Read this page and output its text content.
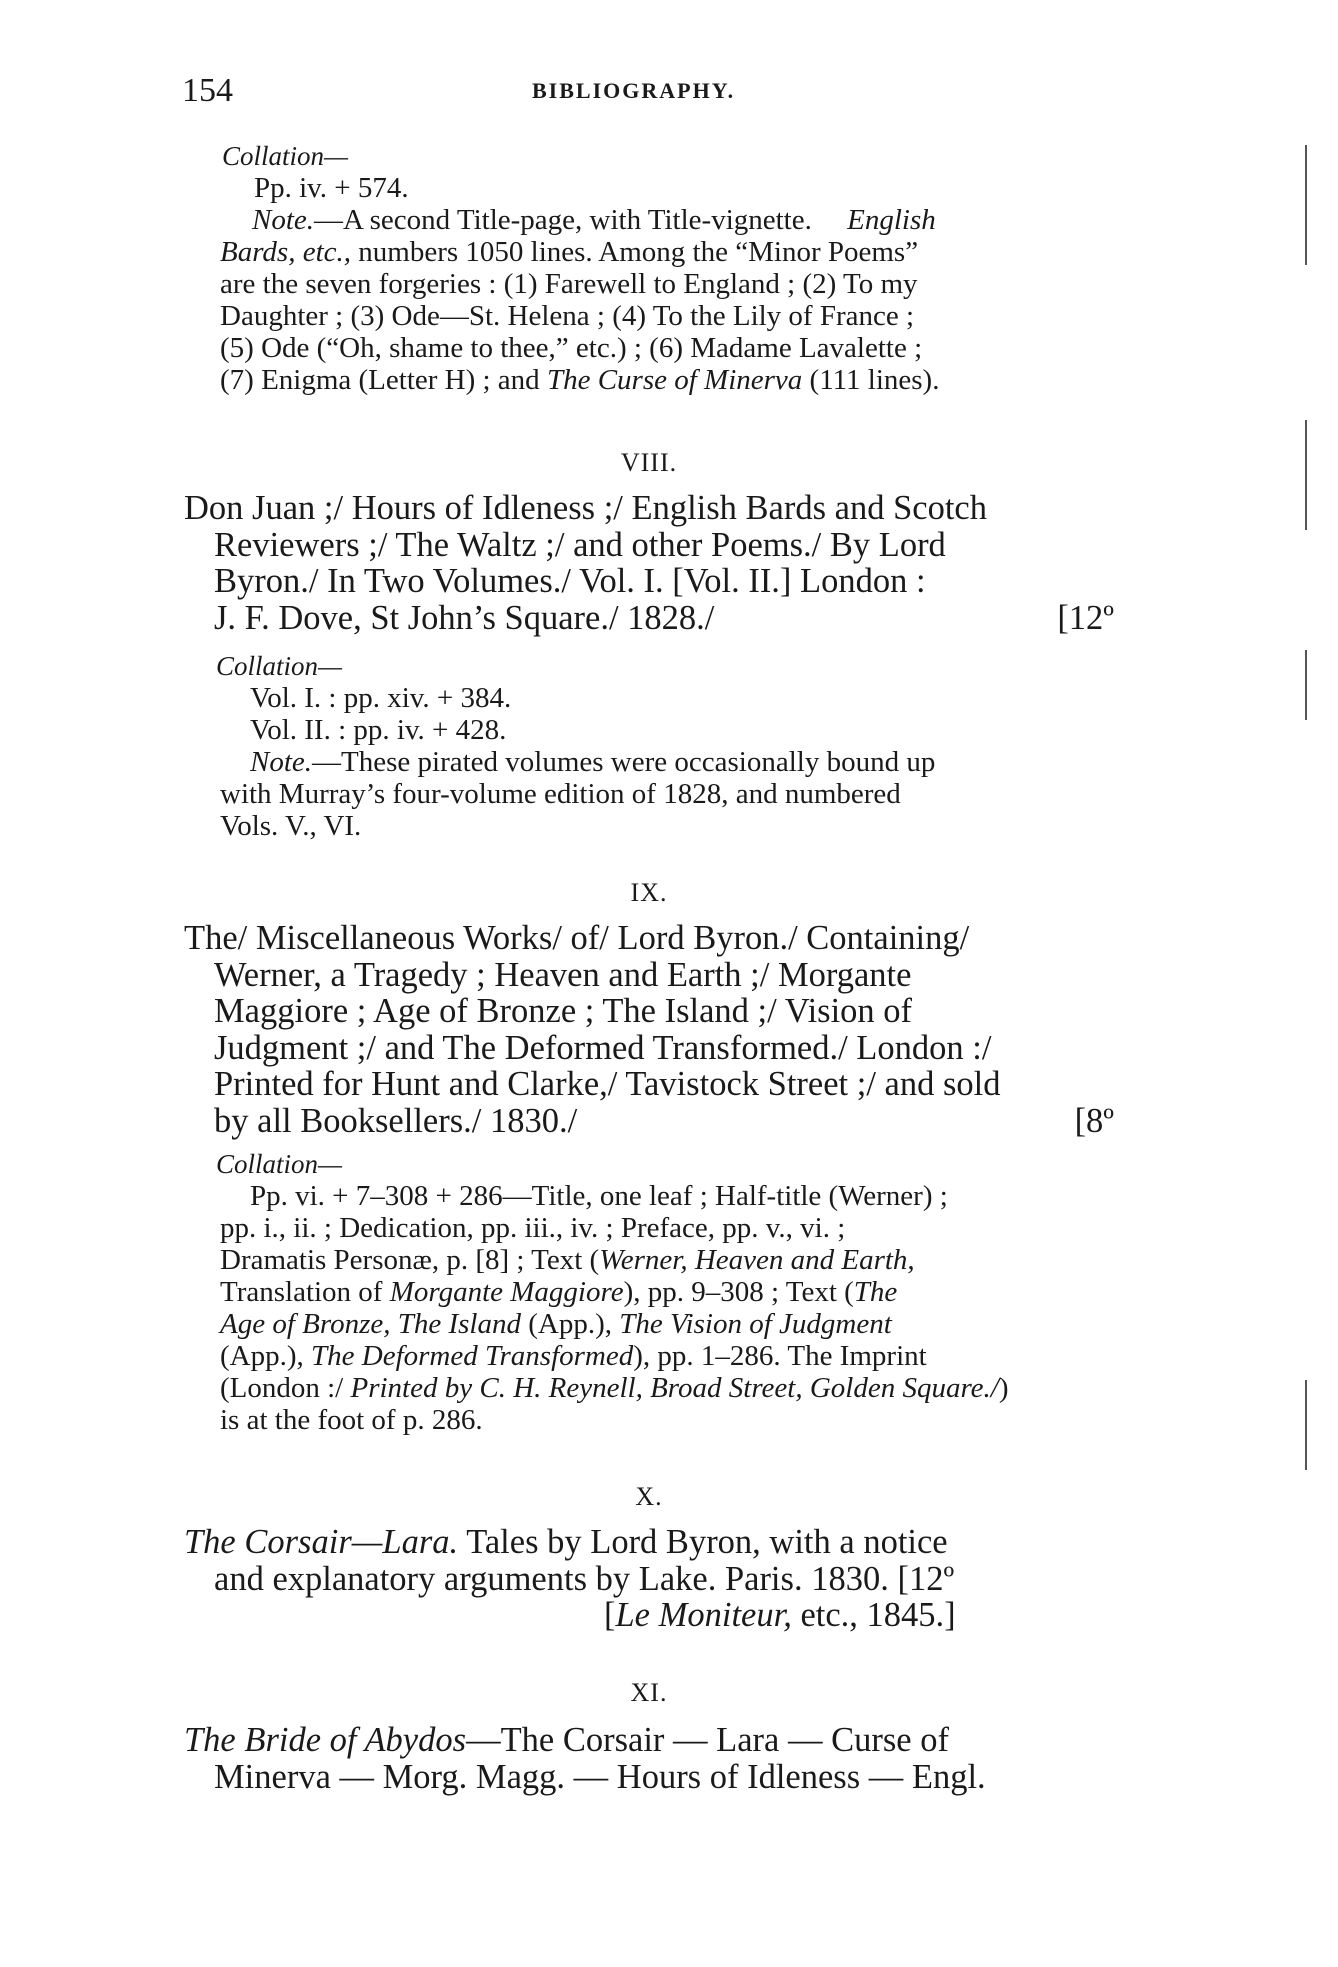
154	BIBLIOGRAPHY.
Collation—
Pp. iv. + 574.
Note.—A second Title-page, with Title-vignette. English
Bards, etc., numbers 1050 lines. Among the “Minor Poems”
are the seven forgeries : (1) Farewell to England ; (2) To my
Daughter ; (3) Ode—St. Helena ; (4) To the Lily of France ;
(5) Ode (“Oh, shame to thee,” etc.) ; (6) Madame Lavalette ;
(7) Enigma (Letter H) ; and The Curse of Minerva (111 lines).
VIII.
Don Juan ;/ Hours of Idleness ;/ English Bards and Scotch
Reviewers ;/ The Waltz ;/ and other Poems./ By Lord
Byron./ In Two Volumes./ Vol. I. [Vol. II.] London :
J. F. Dove, St John’s Square./ 1828./	[12º
Collation—
Vol. I. : pp. xiv. + 384.
Vol. II. : pp. iv. + 428.
Note.—These pirated volumes were occasionally bound up
with Murray’s four-volume edition of 1828, and numbered
Vols. V., VI.
IX.
The/ Miscellaneous Works/ of/ Lord Byron./ Containing/
Werner, a Tragedy ; Heaven and Earth ;/ Morgante
Maggiore ; Age of Bronze ; The Island ;/ Vision of
Judgment ;/ and The Deformed Transformed./ London :/
Printed for Hunt and Clarke,/ Tavistock Street ;/ and sold
by all Booksellers./ 1830./	[8º
Collation—
Pp. vi. + 7–308 + 286—Title, one leaf ; Half-title (Werner) ;
pp. i., ii. ; Dedication, pp. iii., iv. ; Preface, pp. v., vi. ;
Dramatis Personæ, p. [8] ; Text (Werner, Heaven and Earth,
Translation of Morgante Maggiore), pp. 9–308 ; Text (The
Age of Bronze, The Island (App.), The Vision of Judgment
(App.), The Deformed Transformed), pp. 1–286. The Imprint
(London :/ Printed by C. H. Reynell, Broad Street, Golden Square./)
is at the foot of p. 286.
X.
The Corsair—Lara. Tales by Lord Byron, with a notice
and explanatory arguments by Lake. Paris. 1830. [12º
[Le Moniteur, etc., 1845.]
XI.
The Bride of Abydos—The Corsair — Lara — Curse of
Minerva — Morg. Magg. — Hours of Idleness — Engl.
